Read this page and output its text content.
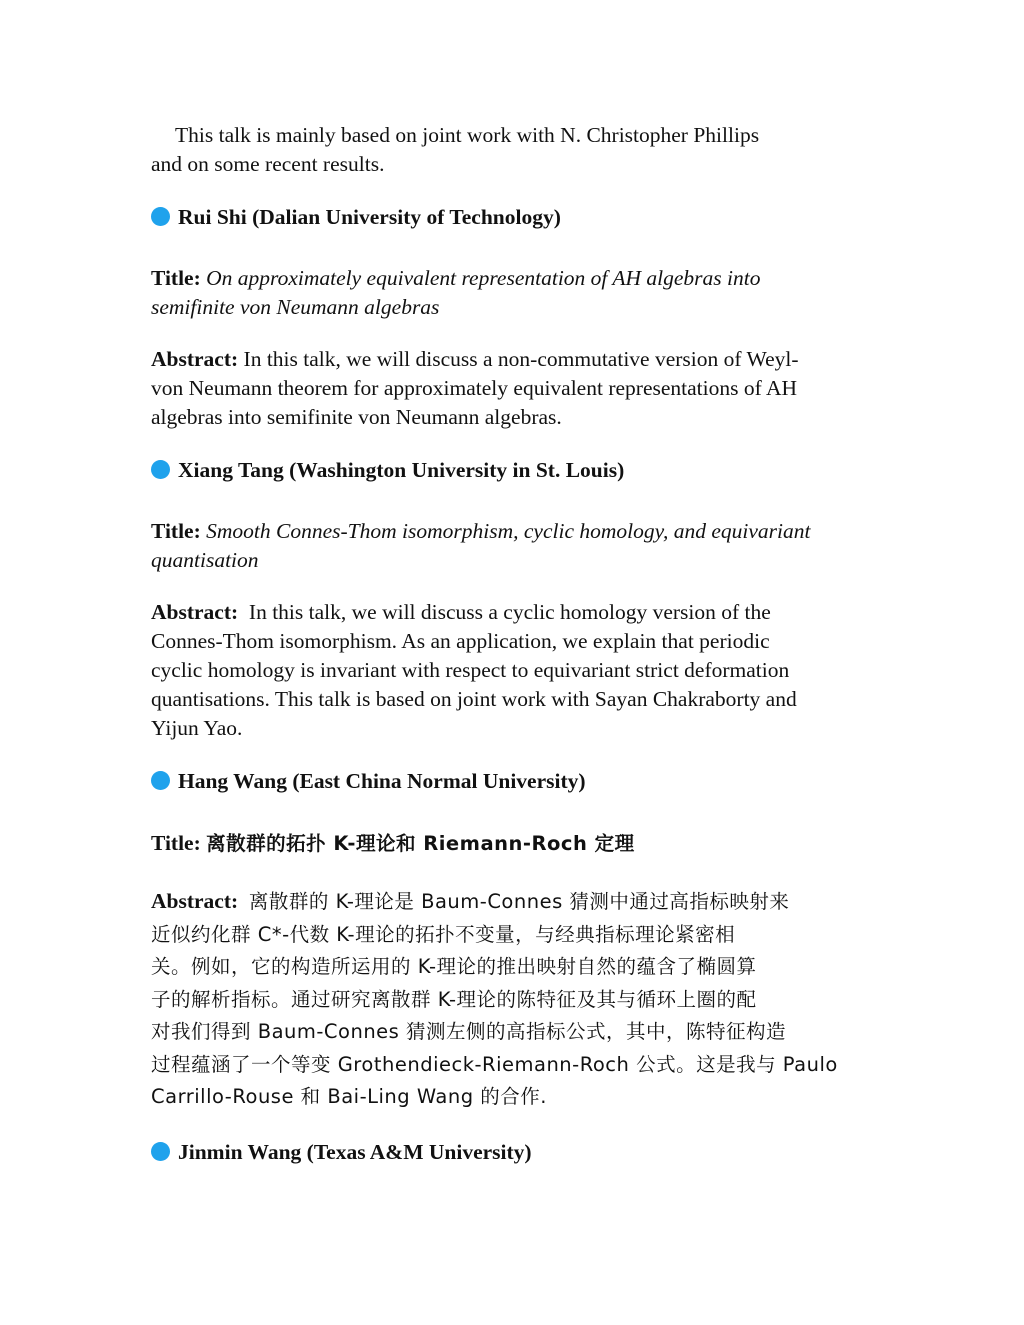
This talk is mainly based on joint work with N. Christopher Phillips
and on some recent results.
Rui Shi (Dalian University of Technology)
Title: On approximately equivalent representation of AH algebras into
semifinite von Neumann algebras
Abstract: In this talk, we will discuss a non-commutative version of Weyl-
von Neumann theorem for approximately equivalent representations of AH
algebras into semifinite von Neumann algebras.
Xiang Tang (Washington University in St. Louis)
Title: Smooth Connes-Thom isomorphism, cyclic homology, and equivariant
quantisation
Abstract: In this talk, we will discuss a cyclic homology version of the
Connes-Thom isomorphism. As an application, we explain that periodic
cyclic homology is invariant with respect to equivariant strict deformation
quantisations. This talk is based on joint work with Sayan Chakraborty and
Yijun Yao.
Hang Wang (East China Normal University)
Title: 离散群的拓扑 K-理论和 Riemann-Roch 定理
Abstract: 离散群的 K-理论是 Baum-Connes 猜测中通过高指标映射来
近似约化群 C*-代数 K-理论的拓扑不变量，与经典指标理论紧密相
关。例如，它的构造所运用的 K-理论的推出映射自然的蕴含了椭圆算
子的解析指标。通过研究离散群 K-理论的陈特征及其与循环上圈的配
对我们得到 Baum-Connes 猜测左侧的高指标公式，其中，陈特征构造
过程蕴涵了一个等变 Grothendieck-Riemann-Roch 公式。这是我与 Paulo
Carrillo-Rouse 和 Bai-Ling Wang 的合作.
Jinmin Wang (Texas A&M University)
